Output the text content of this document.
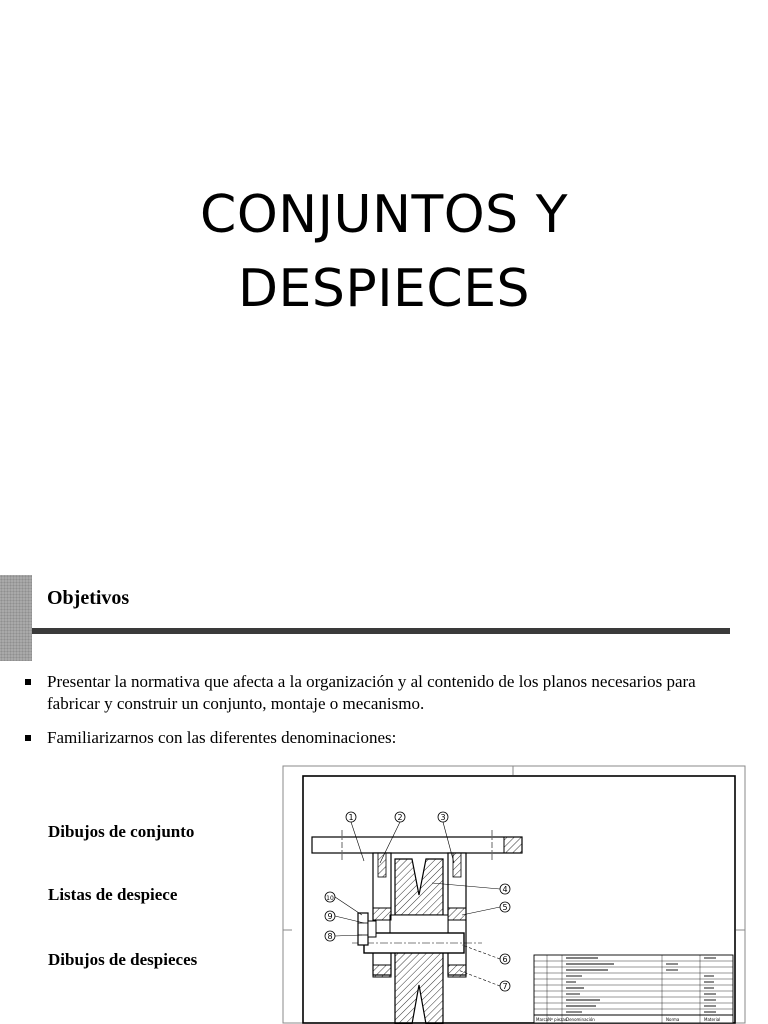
CONJUNTOS Y
DESPIECES
Objetivos
Presentar la normativa que afecta a la organización y al contenido de los planos necesarios para fabricar y construir un conjunto, montaje o mecanismo.
Familiarizarnos con las diferentes denominaciones:
Dibujos de conjunto
Listas de despiece
Dibujos de despieces
1	2	3
4
5
6
7
8
9
10
Marca Nº piezas Denominación	Norma	Material
